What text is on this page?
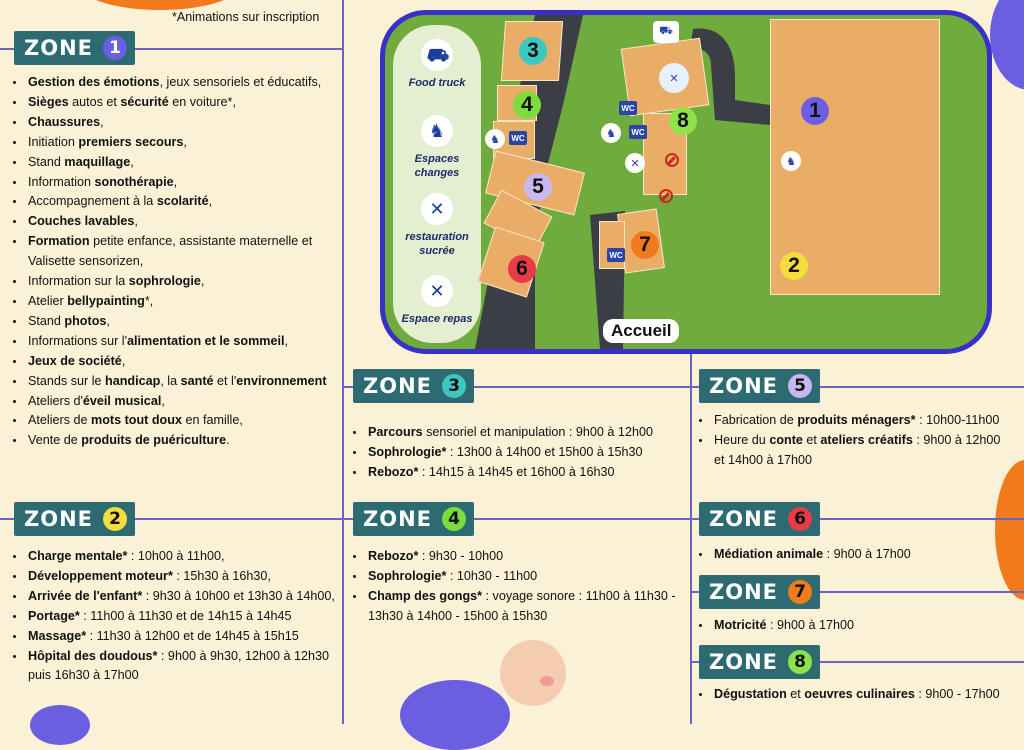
*Animations sur inscription
ZONE 1
• Gestion des émotions, jeux sensoriels et éducatifs,
• Sièges autos et sécurité en voiture*,
• Chaussures,
• Initiation premiers secours,
• Stand maquillage,
• Information sonothérapie,
• Accompagnement à la scolarité,
• Couches lavables,
• Formation petite enfance, assistante maternelle et Valisette sensorizen,
• Information sur la sophrologie,
• Atelier bellypainting*,
• Stand photos,
• Informations sur l'alimentation et le sommeil,
• Jeux de société,
• Stands sur le handicap, la santé et l'environnement
• Ateliers d'éveil musical,
• Ateliers de mots tout doux en famille,
• Vente de produits de puériculture.
ZONE 2
• Charge mentale* : 10h00 à 11h00,
• Développement moteur* : 15h30 à 16h30,
• Arrivée de l'enfant* : 9h30 à 10h00 et 13h30 à 14h00,
• Portage* : 11h00 à 11h30 et de 14h15 à 14h45
• Massage* : 11h30 à 12h00 et de 14h45 à 15h15
• Hôpital des doudous* : 9h00 à 9h30, 12h00 à 12h30 puis 16h30 à 17h00
ZONE 3
• Parcours sensoriel et manipulation : 9h00 à 12h00
• Sophrologie* : 13h00 à 14h00 et 15h00 à 15h30
• Rebozo* : 14h15 à 14h45 et 16h00 à 16h30
ZONE 4
• Rebozo* : 9h30 - 10h00
• Sophrologie* : 10h30 - 11h00
• Champ des gongs* : voyage sonore : 11h00 à 11h30 - 13h30 à 14h00 - 15h00 à 15h30
ZONE 5
• Fabrication de produits ménagers* : 10h00-11h00
• Heure du conte et ateliers créatifs : 9h00 à 12h00 et 14h00 à 17h00
ZONE 6
• Médiation animale : 9h00 à 17h00
ZONE 7
• Motricité : 9h00 à 17h00
ZONE 8
• Dégustation et oeuvres culinaires : 9h00 - 17h00
⛟
Food truck
♞
Espaces changes
✕
restauration sucrée
✕
Espace repas
1
2
3
4
5
6
7
8
⛟
✕
WC
WC
WC
WC
♞	♞
♞
✕
Accueil
